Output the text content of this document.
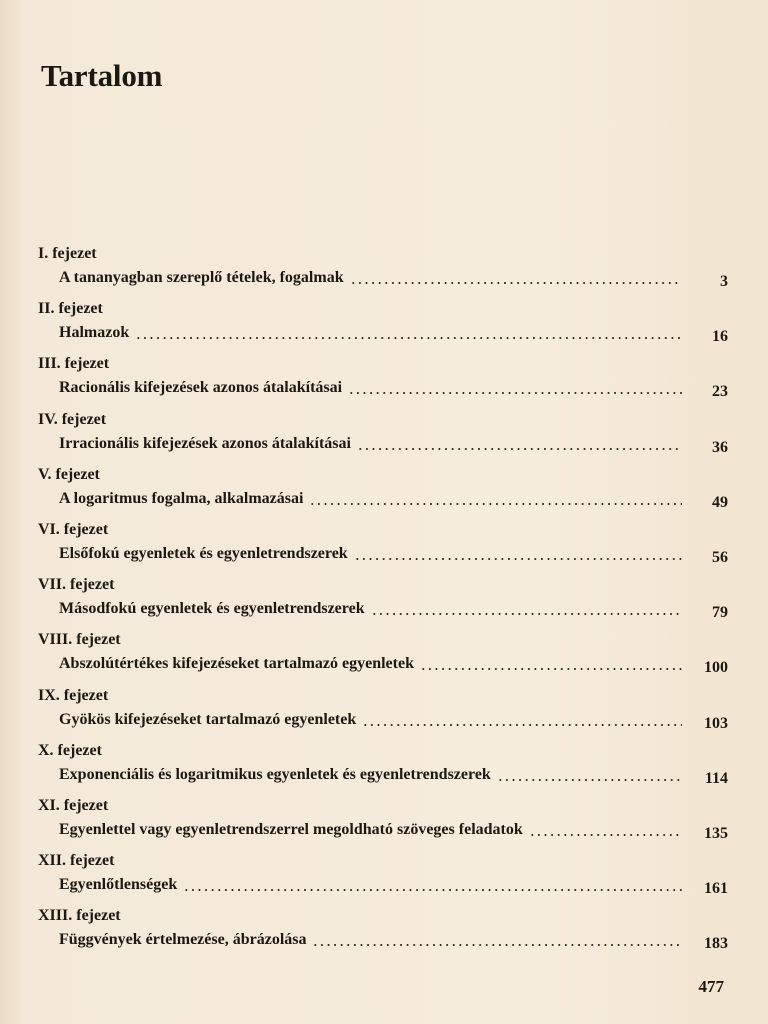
Tartalom
I. fejezet
A tananyagban szereplő tételek, fogalmak	3
II. fejezet
Halmazok	16
III. fejezet
Racionális kifejezések azonos átalakításai	23
IV. fejezet
Irracionális kifejezések azonos átalakításai	36
V. fejezet
A logaritmus fogalma, alkalmazásai	49
VI. fejezet
Elsőfokú egyenletek és egyenletrendszerek	56
VII. fejezet
Másodfokú egyenletek és egyenletrendszerek	79
VIII. fejezet
Abszolútértékes kifejezéseket tartalmazó egyenletek	100
IX. fejezet
Gyökös kifejezéseket tartalmazó egyenletek	103
X. fejezet
Exponenciális és logaritmikus egyenletek és egyenletrendszerek	114
XI. fejezet
Egyenlettel vagy egyenletrendszerrel megoldható szöveges feladatok	135
XII. fejezet
Egyenlőtlenségek	161
XIII. fejezet
Függvények értelmezése, ábrázolása	183
477
